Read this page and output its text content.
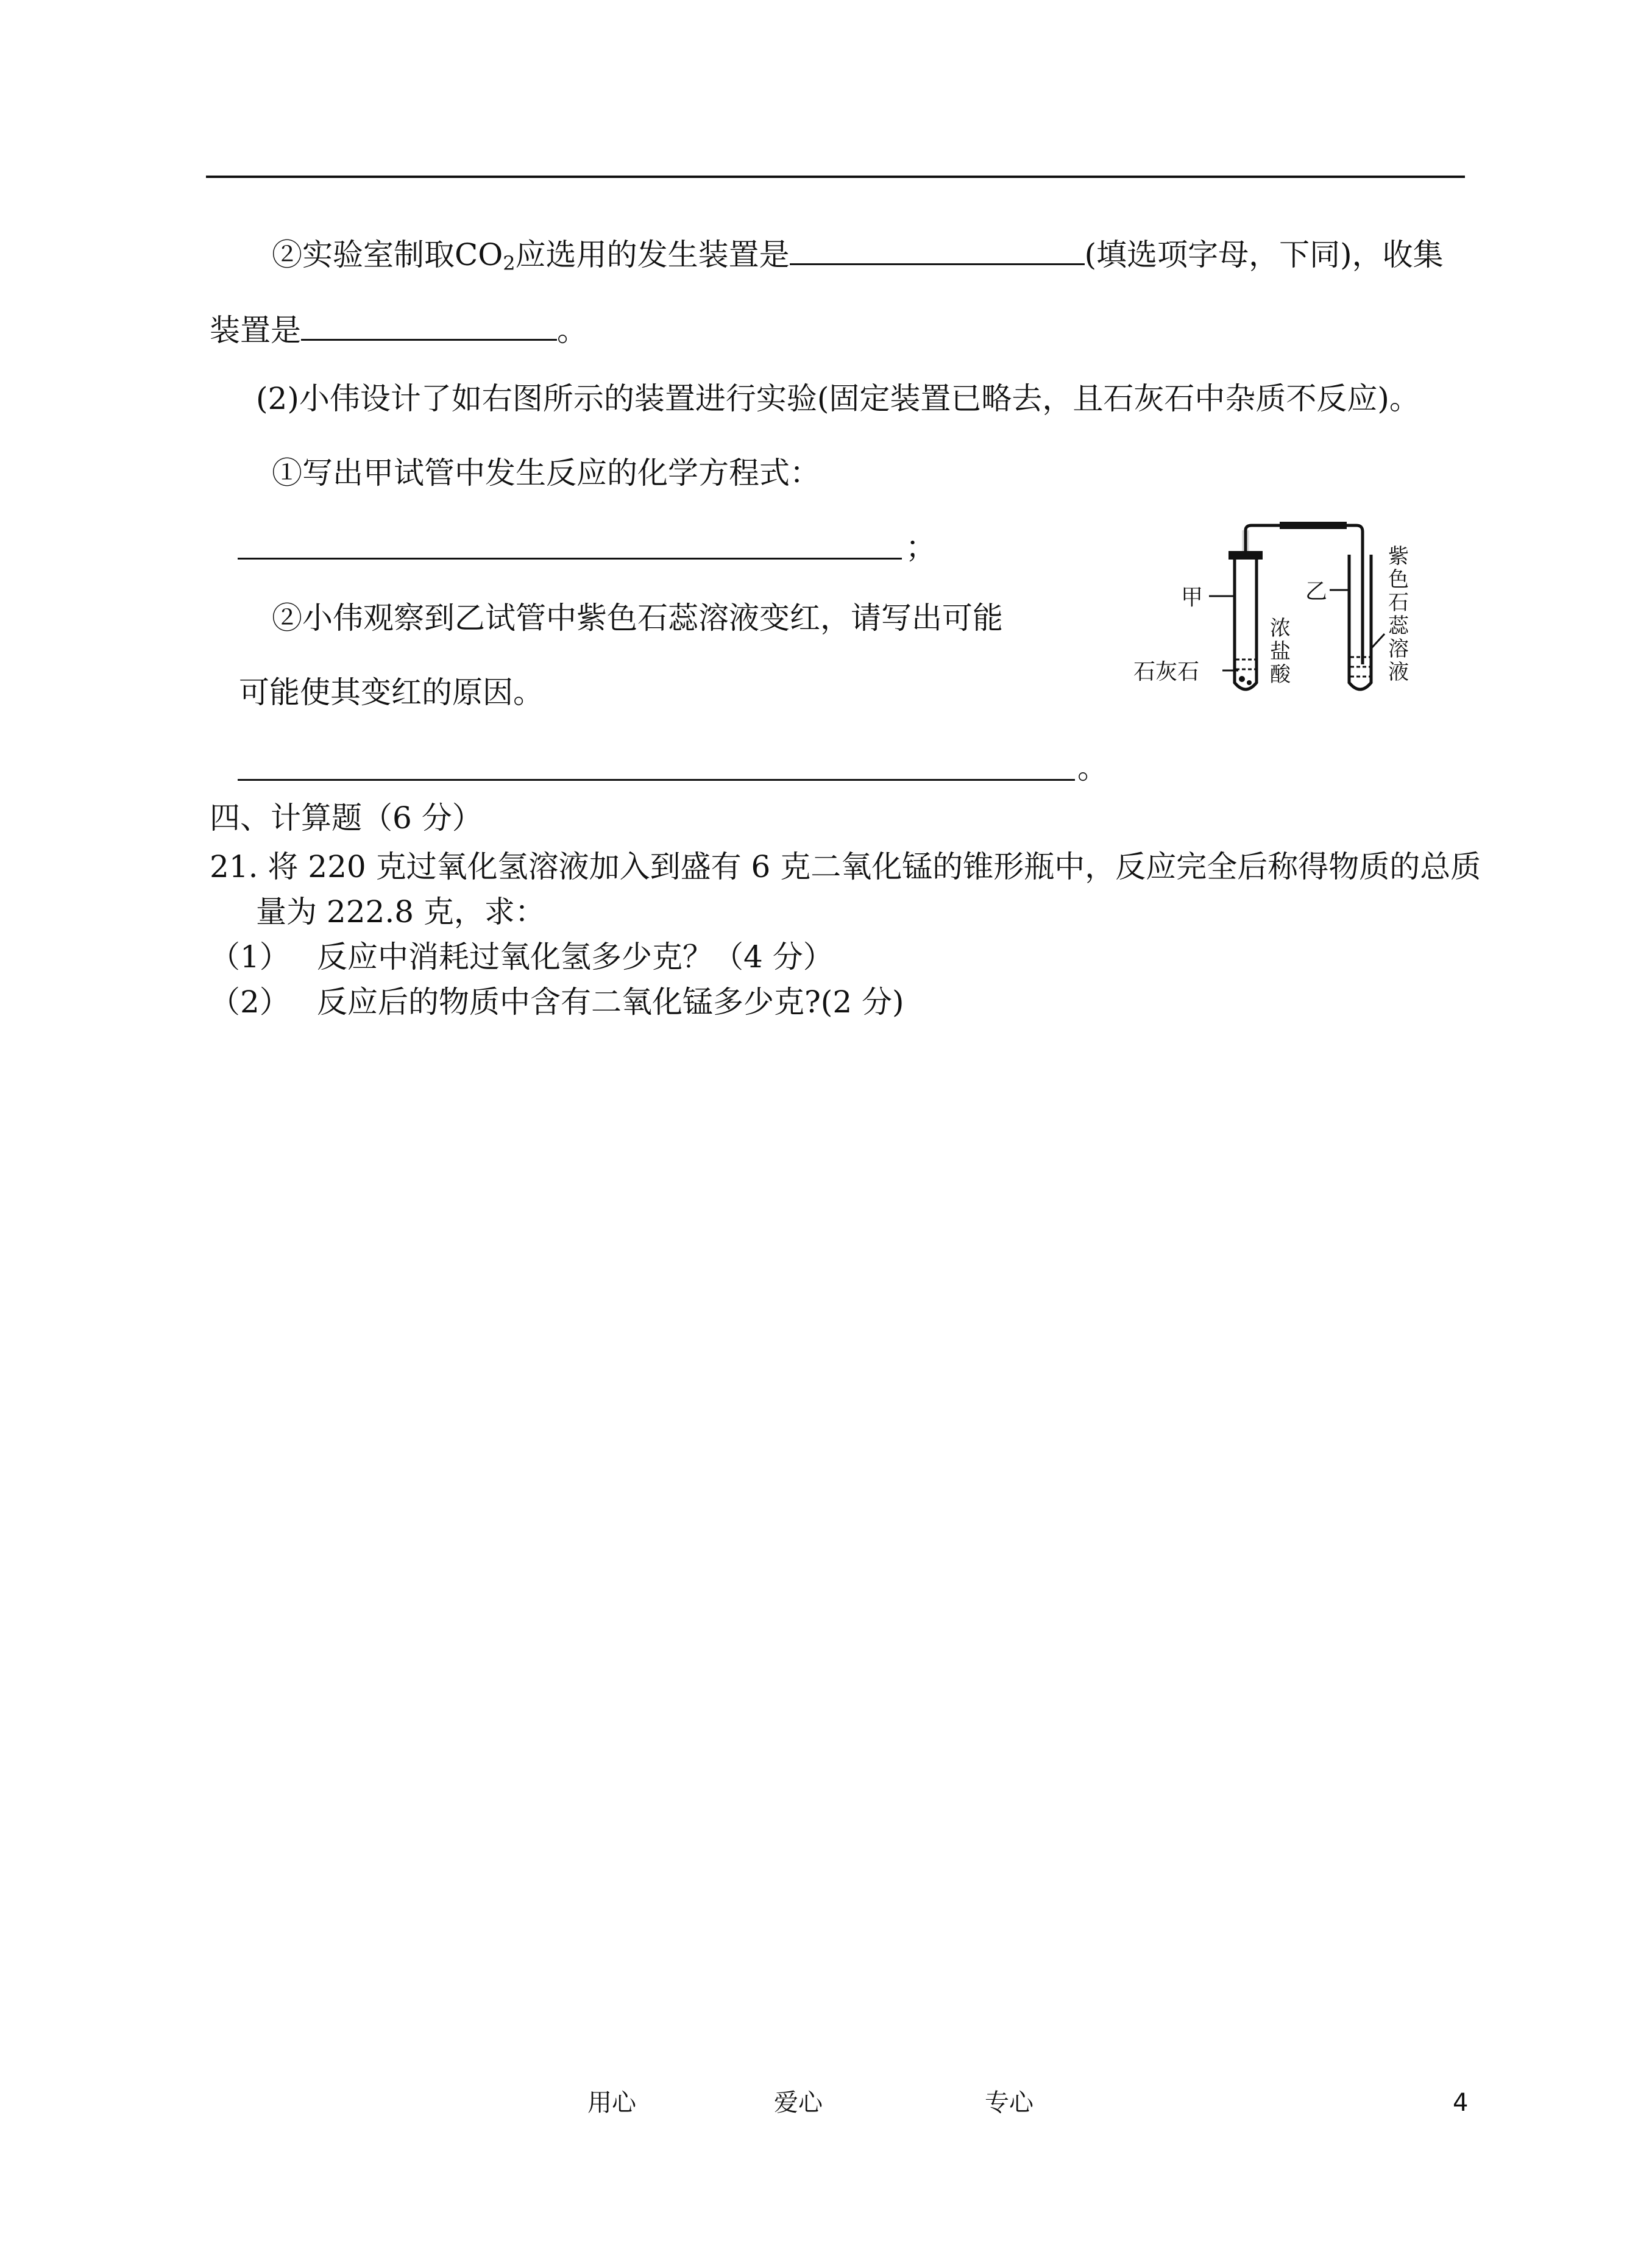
②实验室制取$CO_2$应选用的发生装置是	(填选项字母，下同)，收集
装置是	。
(2)小伟设计了如右图所示的装置进行实验(固定装置已略去，且石灰石中杂质不反应)。
①写出甲试管中发生反应的化学方程式：
；
②小伟观察到乙试管中紫色石蕊溶液变红，请写出可能
可能使其变红的原因。
。
甲
石灰石
乙
浓
盐
酸
紫
色
石
蕊
溶
液
四、计算题（6 分）
21. 将 220 克过氧化氢溶液加入到盛有 6 克二氧化锰的锥形瓶中，反应完全后称得物质的总质
量为 222.8 克，求：
（1） 反应中消耗过氧化氢多少克？（4 分）
（2） 反应后的物质中含有二氧化锰多少克?(2 分)
用心	爱心	专心	4
